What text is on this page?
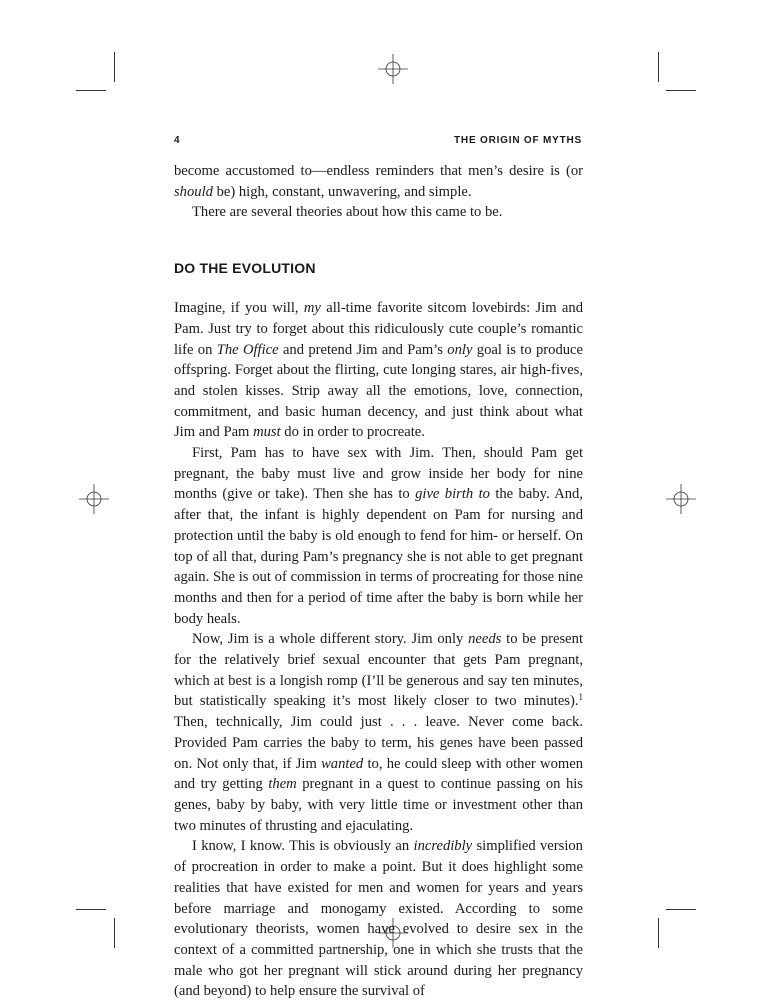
4	THE ORIGIN OF MYTHS

become accustomed to—endless reminders that men’s desire is (or should be) high, constant, unwavering, and simple.

There are several theories about how this came to be.

DO THE EVOLUTION

Imagine, if you will, my all-time favorite sitcom lovebirds: Jim and Pam. Just try to forget about this ridiculously cute couple’s romantic life on The Office and pretend Jim and Pam’s only goal is to produce offspring. Forget about the flirting, cute longing stares, air high-fives, and stolen kisses. Strip away all the emotions, love, connection, commitment, and basic human decency, and just think about what Jim and Pam must do in order to procreate.

First, Pam has to have sex with Jim. Then, should Pam get pregnant, the baby must live and grow inside her body for nine months (give or take). Then she has to give birth to the baby. And, after that, the infant is highly dependent on Pam for nursing and protection until the baby is old enough to fend for him- or herself. On top of all that, during Pam’s pregnancy she is not able to get pregnant again. She is out of commission in terms of procreating for those nine months and then for a period of time after the baby is born while her body heals.

Now, Jim is a whole different story. Jim only needs to be present for the relatively brief sexual encounter that gets Pam pregnant, which at best is a longish romp (I’ll be generous and say ten minutes, but statistically speaking it’s most likely closer to two minutes).$^1$ Then, technically, Jim could just . . . leave. Never come back. Provided Pam carries the baby to term, his genes have been passed on. Not only that, if Jim wanted to, he could sleep with other women and try getting them pregnant in a quest to continue passing on his genes, baby by baby, with very little time or investment other than two minutes of thrusting and ejaculating.

I know, I know. This is obviously an incredibly simplified version of procreation in order to make a point. But it does highlight some realities that have existed for men and women for years and years before marriage and monogamy existed. According to some evolutionary theorists, women have evolved to desire sex in the context of a committed partnership, one in which she trusts that the male who got her pregnant will stick around during her pregnancy (and beyond) to help ensure the survival of
